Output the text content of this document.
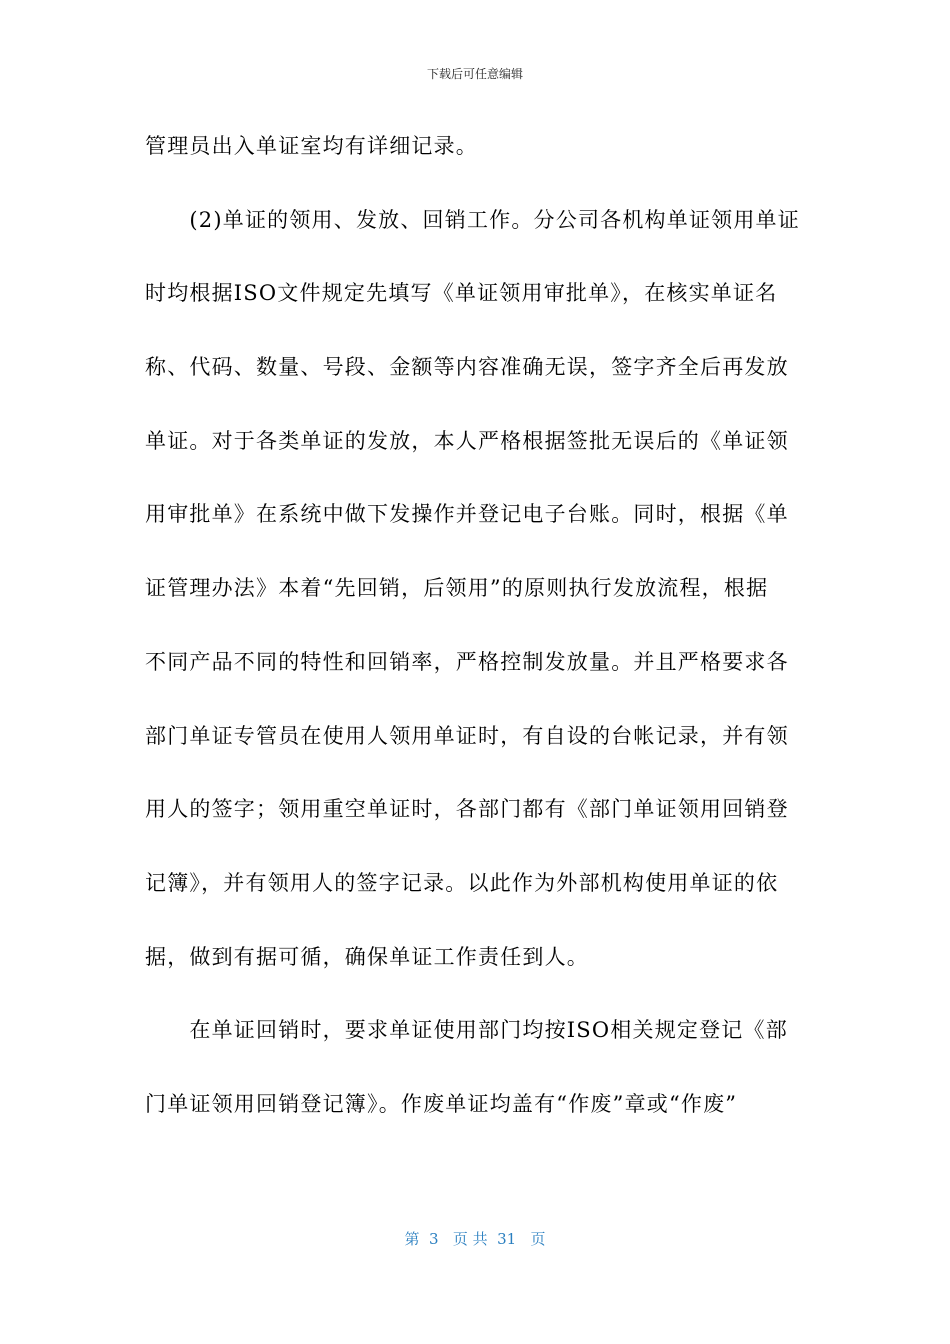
下载后可任意编辑
管理员出入单证室均有详细记录。
　　(2)单证的领用、发放、回销工作。分公司各机构单证领用单证
时均根据ISO文件规定先填写《单证领用审批单》，在核实单证名
称、代码、数量、号段、金额等内容准确无误，签字齐全后再发放
单证。对于各类单证的发放，本人严格根据签批无误后的《单证领
用审批单》在系统中做下发操作并登记电子台账。同时，根据《单
证管理办法》本着“先回销，后领用”的原则执行发放流程，根据
不同产品不同的特性和回销率，严格控制发放量。并且严格要求各
部门单证专管员在使用人领用单证时，有自设的台帐记录，并有领
用人的签字；领用重空单证时，各部门都有《部门单证领用回销登
记簿》，并有领用人的签字记录。以此作为外部机构使用单证的依
据，做到有据可循，确保单证工作责任到人。
　　在单证回销时，要求单证使用部门均按ISO相关规定登记《部
门单证领用回销登记簿》。作废单证均盖有“作废”章或“作废”
第  3   页 共  31   页
